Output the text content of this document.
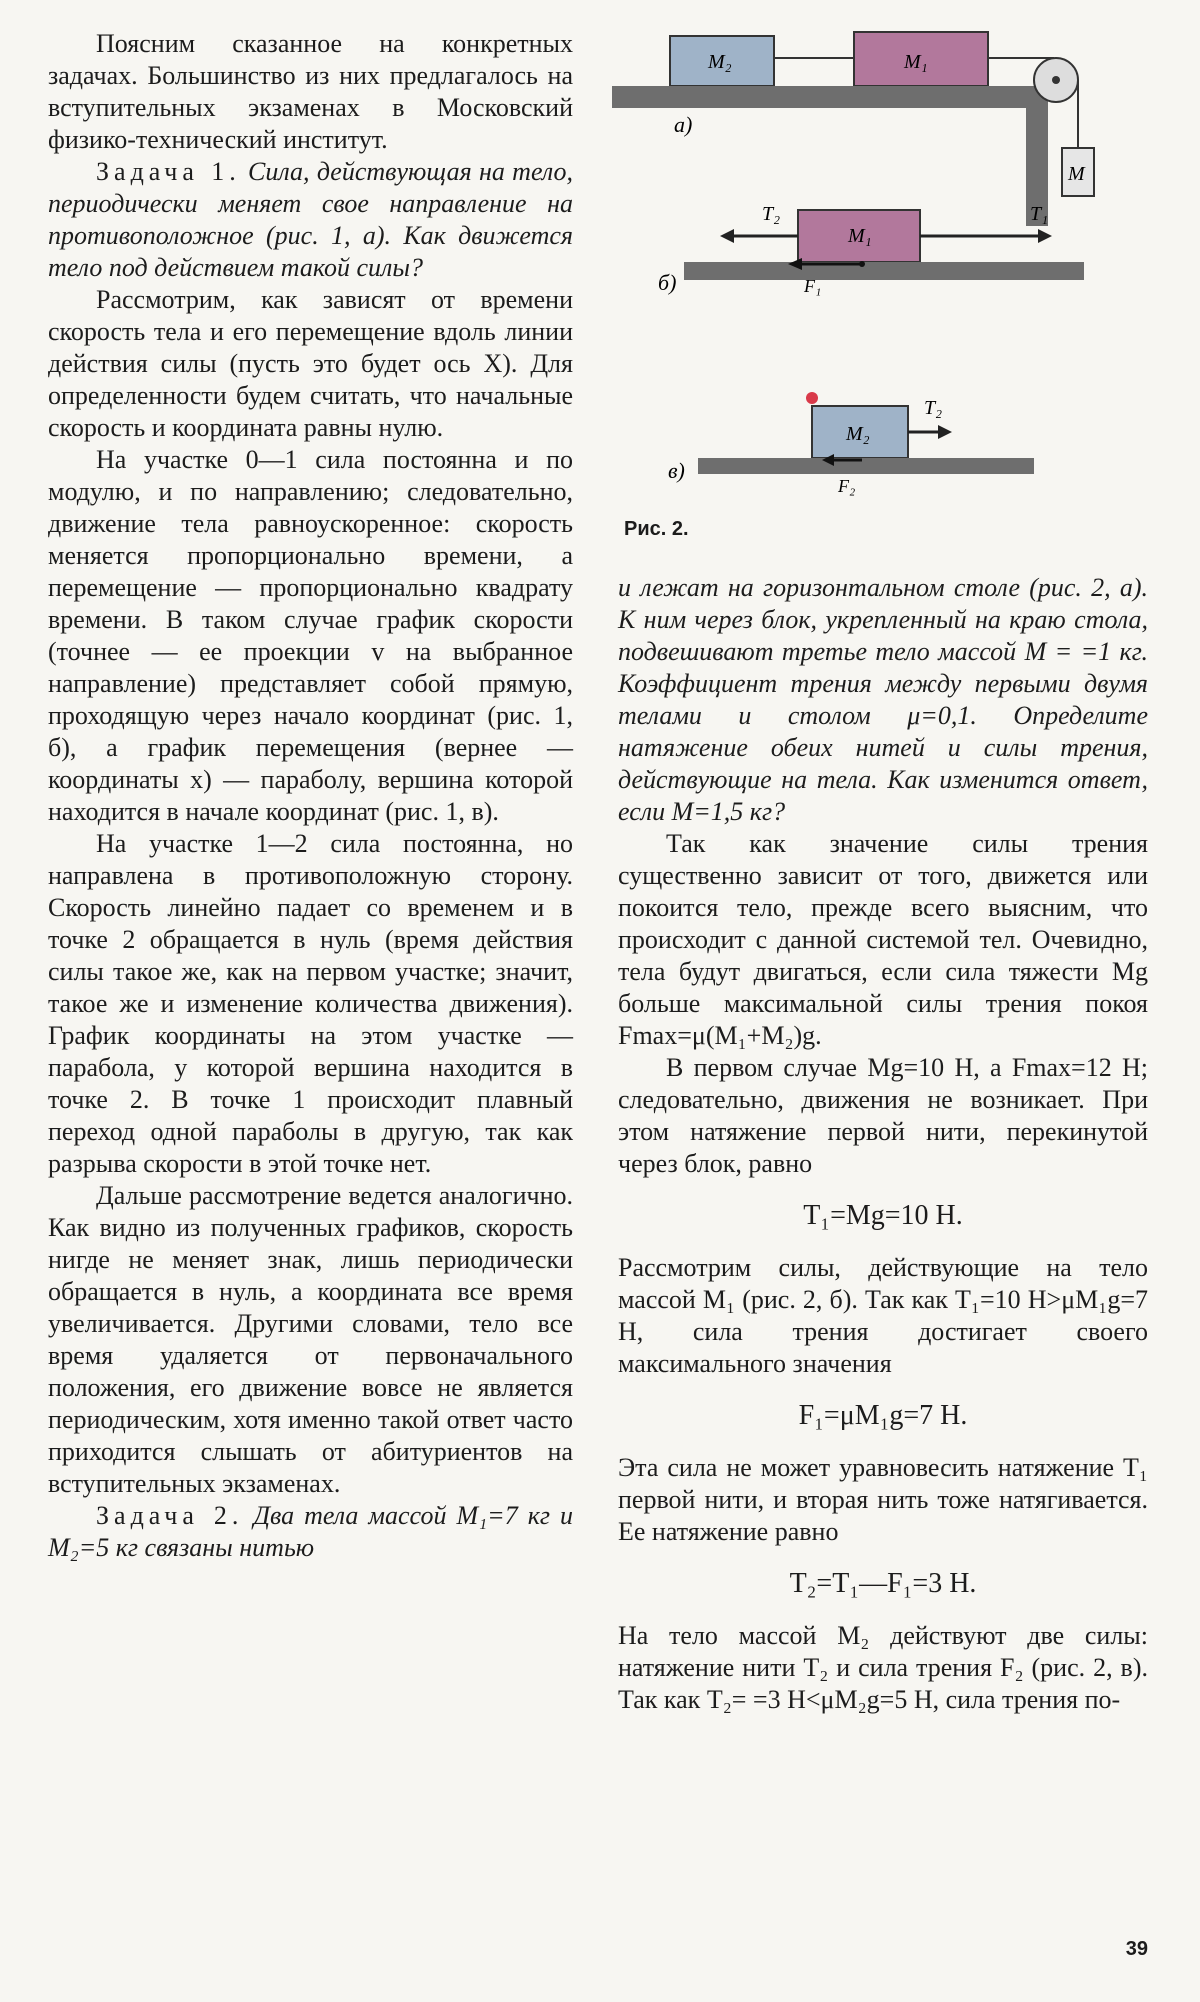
Поясним сказанное на конкретных задачах. Большинство из них предлагалось на вступительных экзаменах в Московский физико-технический институт.

Задача 1. Сила, действующая на тело, периодически меняет свое направление на противоположное (рис. 1, а). Как движется тело под действием такой силы?

Рассмотрим, как зависят от времени скорость тела и его перемещение вдоль линии действия силы (пусть это будет ось X). Для определенности будем считать, что начальные скорость и координата равны нулю.

На участке 0—1 сила постоянна и по модулю, и по направлению; следовательно, движение тела равноускоренное: скорость меняется пропорционально времени, а перемещение — пропорционально квадрату времени. В таком случае график скорости (точнее — ее проекции v на выбранное направление) представляет собой прямую, проходящую через начало координат (рис. 1, б), а график перемещения (вернее — координаты x) — параболу, вершина которой находится в начале координат (рис. 1, в).

На участке 1—2 сила постоянна, но направлена в противоположную сторону. Скорость линейно падает со временем и в точке 2 обращается в нуль (время действия силы такое же, как на первом участке; значит, такое же и изменение количества движения). График координаты на этом участке — парабола, у которой вершина находится в точке 2. В точке 1 происходит плавный переход одной параболы в другую, так как разрыва скорости в этой точке нет.

Дальше рассмотрение ведется аналогично. Как видно из полученных графиков, скорость нигде не меняет знак, лишь периодически обращается в нуль, а координата все время увеличивается. Другими словами, тело все время удаляется от первоначального положения, его движение вовсе не является периодическим, хотя именно такой ответ часто приходится слышать от абитуриентов на вступительных экзаменах.

Задача 2. Два тела массой M₁=7 кг и M₂=5 кг связаны нитью

M₂	M₁
M
а)
M₁
T₂	T₁
F₁
б)
M₂
T₂
F₂
в)
Рис. 2.

и лежат на горизонтальном столе (рис. 2, а). К ним через блок, укрепленный на краю стола, подвешивают третье тело массой M = =1 кг. Коэффициент трения между первыми двумя телами и столом μ=0,1. Определите натяжение обеих нитей и силы трения, действующие на тела. Как изменится ответ, если M=1,5 кг?

Так как значение силы трения существенно зависит от того, движется или покоится тело, прежде всего выясним, что происходит с данной системой тел. Очевидно, тела будут двигаться, если сила тяжести Mg больше максимальной силы трения покоя Fmax=μ(M₁+M₂)g.

В первом случае Mg=10 Н, а Fmax=12 Н; следовательно, движения не возникает. При этом натяжение первой нити, перекинутой через блок, равно

T₁=Mg=10 Н.

Рассмотрим силы, действующие на тело массой M₁ (рис. 2, б). Так как T₁=10 Н>μM₁g=7 Н, сила трения достигает своего максимального значения

F₁=μM₁g=7 Н.

Эта сила не может уравновесить натяжение T₁ первой нити, и вторая нить тоже натягивается. Ее натяжение равно

T₂=T₁—F₁=3 Н.

На тело массой M₂ действуют две силы: натяжение нити T₂ и сила трения F₂ (рис. 2, в). Так как T₂= =3 Н<μM₂g=5 Н, сила трения по-

39
